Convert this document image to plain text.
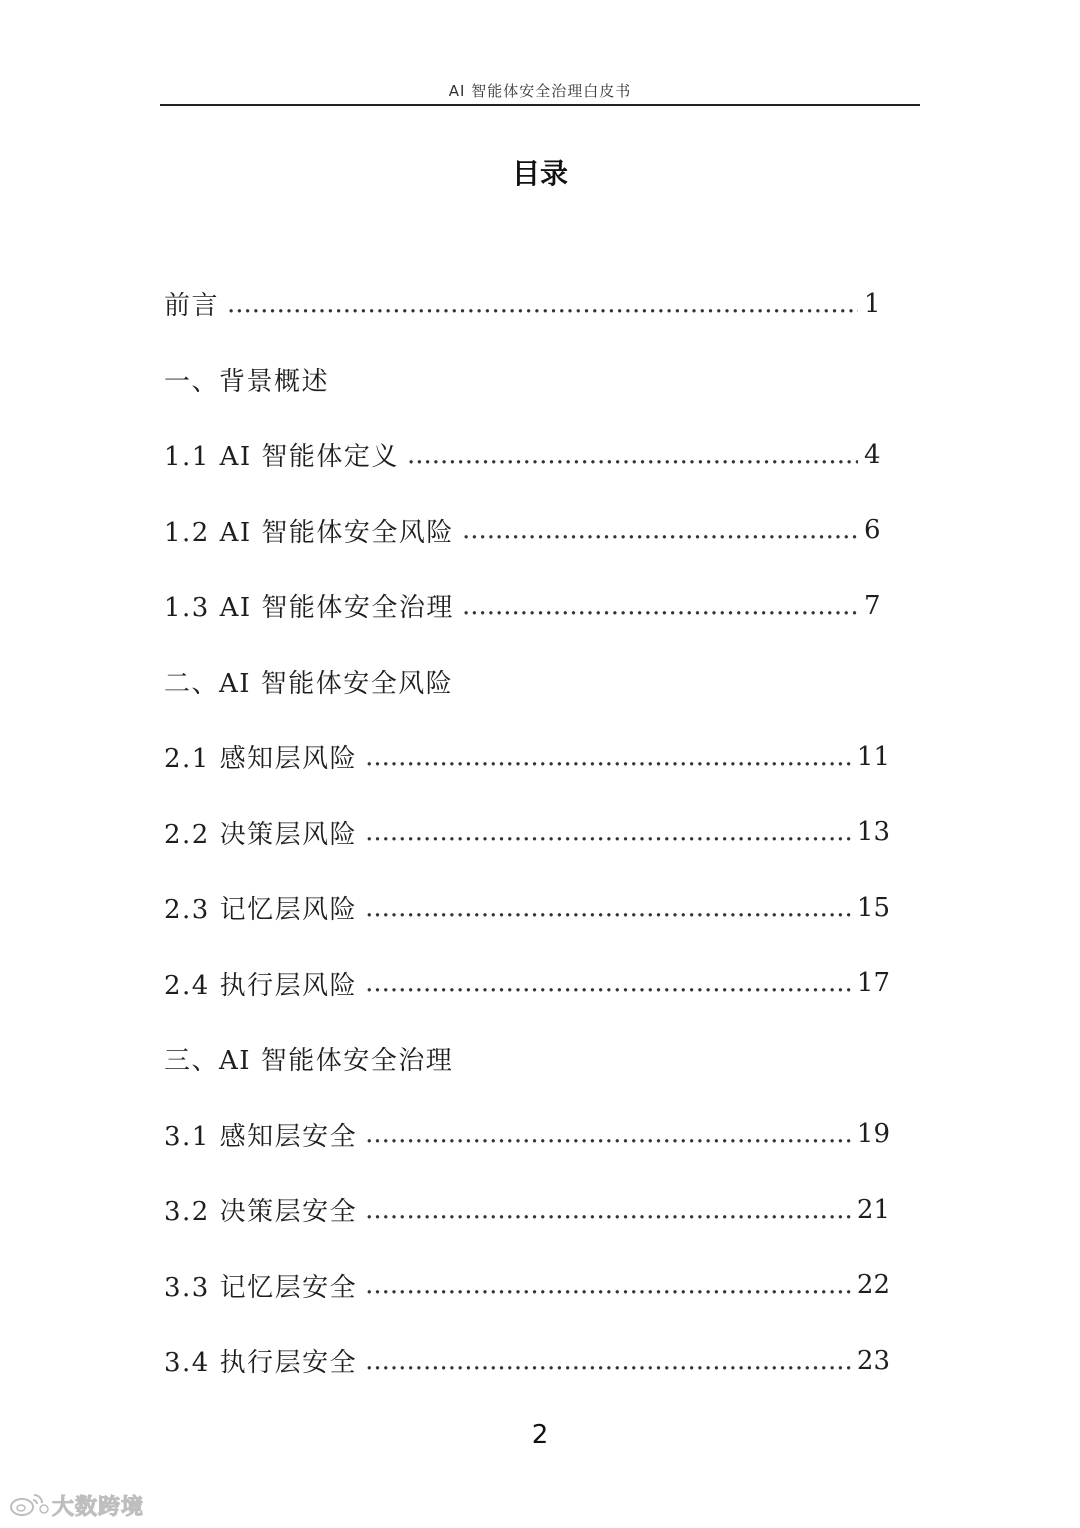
AI 智能体安全治理白皮书
目录
前言 .....	1
一、背景概述
1.1 AI 智能体定义 .....	4
1.2 AI 智能体安全风险 .....	6
1.3 AI 智能体安全治理 .....	7
二、AI 智能体安全风险
2.1 感知层风险 .....	11
2.2 决策层风险 .....	13
2.3 记忆层风险 .....	15
2.4 执行层风险 .....	17
三、AI 智能体安全治理
3.1 感知层安全 .....	19
3.2 决策层安全 .....	21
3.3 记忆层安全 .....	22
3.4 执行层安全 .....	23
2
大数跨境
